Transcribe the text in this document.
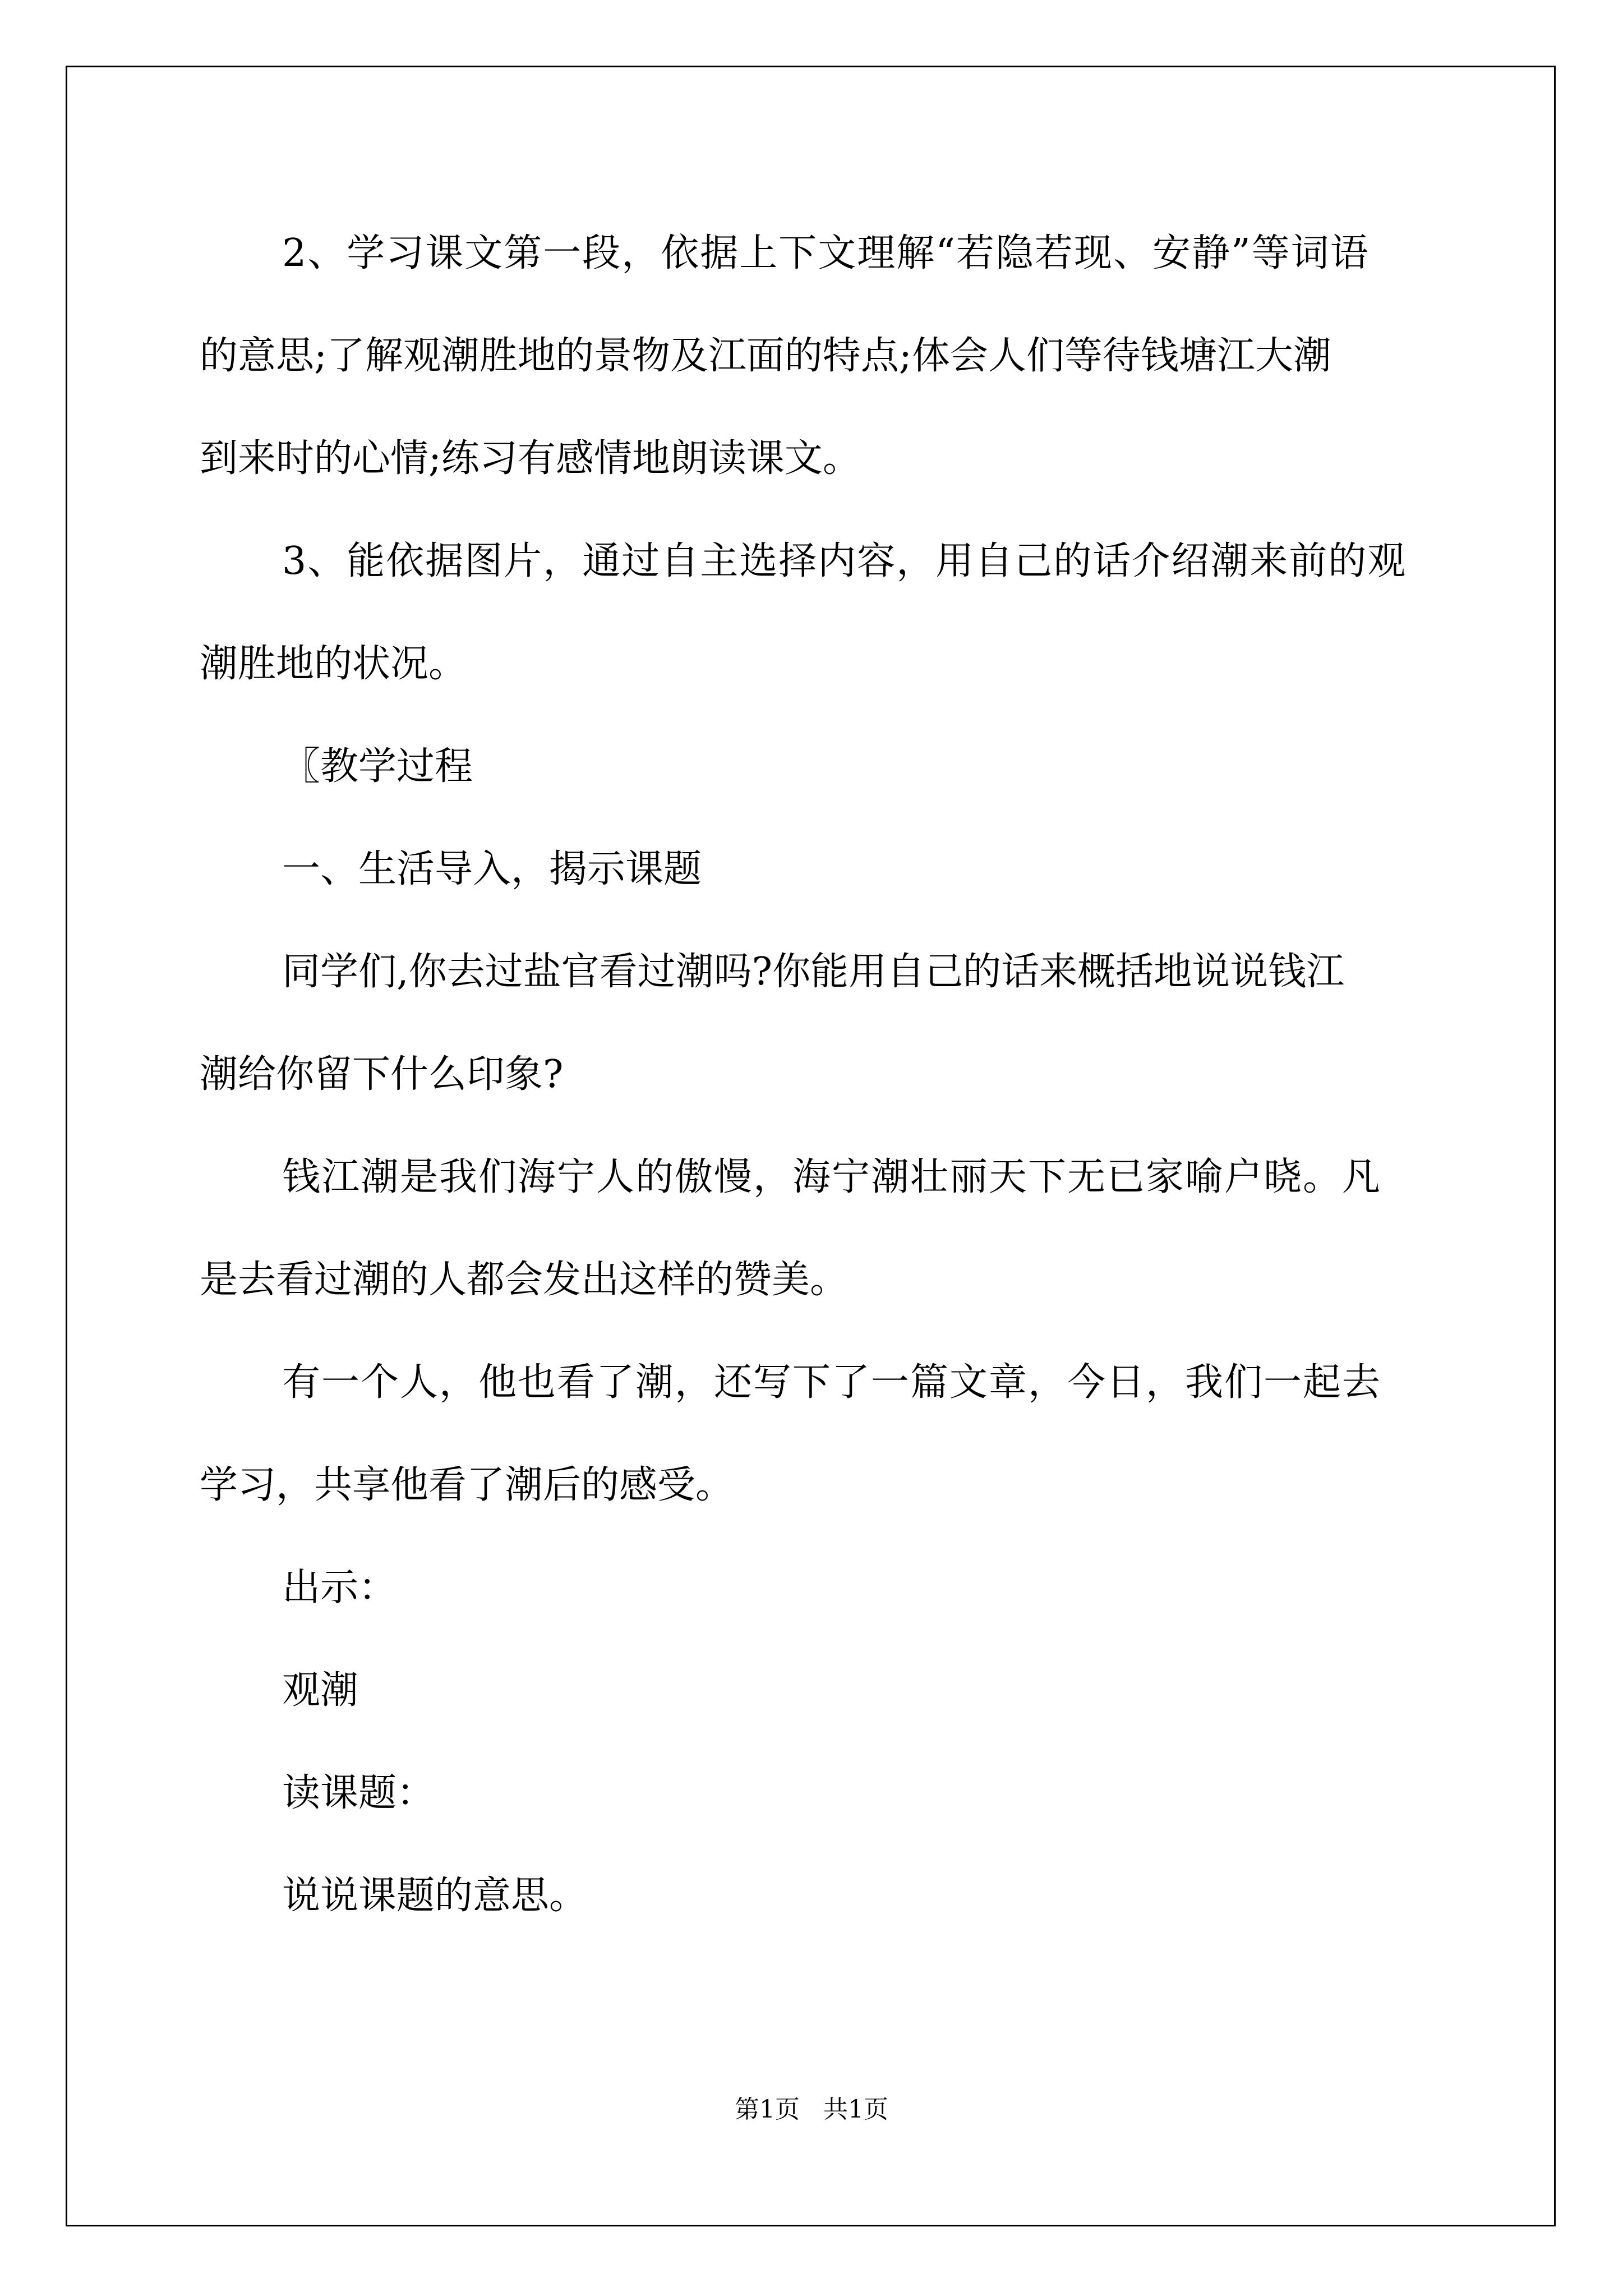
2、学习课文第一段，依据上下文理解“若隐若现、安静”等词语
的意思;了解观潮胜地的景物及江面的特点;体会人们等待钱塘江大潮
到来时的心情;练习有感情地朗读课文。
3、能依据图片，通过自主选择内容，用自己的话介绍潮来前的观
潮胜地的状况。
〖教学过程
一、生活导入，揭示课题
同学们,你去过盐官看过潮吗?你能用自己的话来概括地说说钱江
潮给你留下什么印象?
钱江潮是我们海宁人的傲慢，海宁潮壮丽天下无已家喻户晓。凡
是去看过潮的人都会发出这样的赞美。
有一个人，他也看了潮，还写下了一篇文章，今日，我们一起去
学习，共享他看了潮后的感受。
出示：
观潮
读课题：
说说课题的意思。
第1页   共1页
